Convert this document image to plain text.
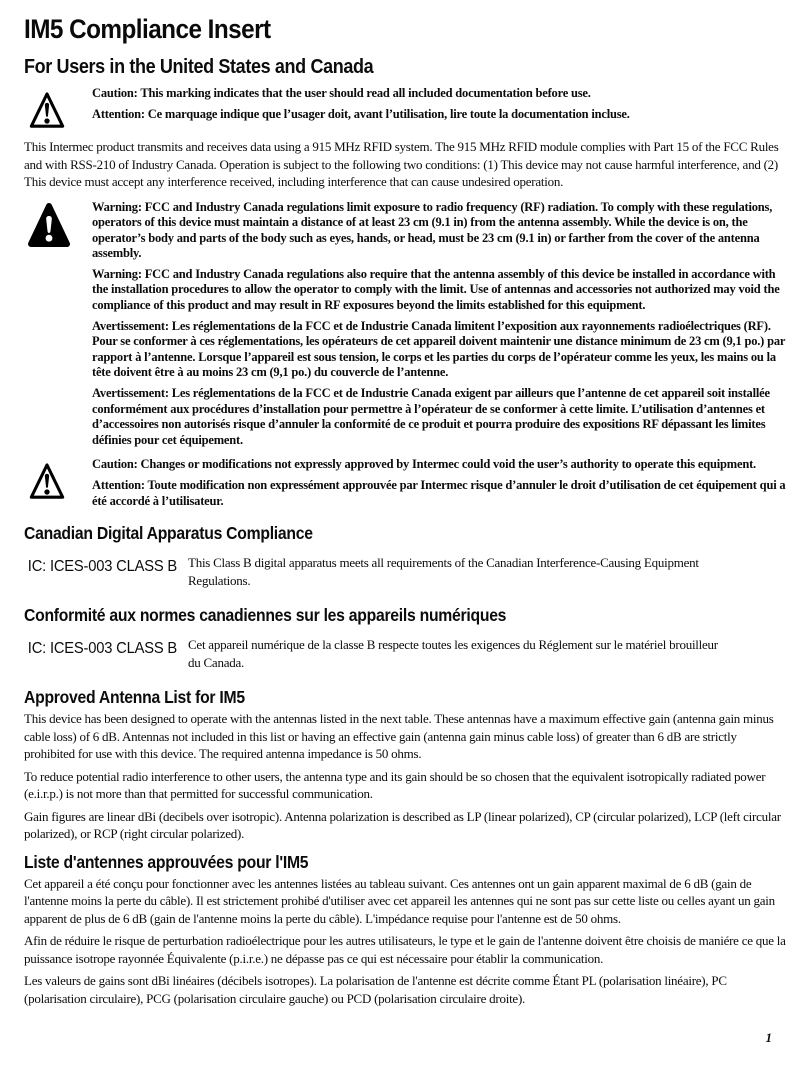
IM5 Compliance Insert
For Users in the United States and Canada

Caution: This marking indicates that the user should read all included documentation before use.

Attention: Ce marquage indique que l’usager doit, avant l’utilisation, lire toute la documentation incluse.

This Intermec product transmits and receives data using a 915 MHz RFID system. The 915 MHz RFID module complies with Part 15 of the FCC Rules and with RSS-210 of Industry Canada. Operation is subject to the following two conditions: (1) This device may not cause harmful interference, and (2) This device must accept any interference received, including interference that can cause undesired operation.

Warning: FCC and Industry Canada regulations limit exposure to radio frequency (RF) radiation. To comply with these regulations, operators of this device must maintain a distance of at least 23 cm (9.1 in) from the antenna assembly. While the device is on, the operator’s body and parts of the body such as eyes, hands, or head, must be 23 cm (9.1 in) or farther from the cover of the antenna assembly.

Warning: FCC and Industry Canada regulations also require that the antenna assembly of this device be installed in accordance with the installation procedures to allow the operator to comply with the limit. Use of antennas and accessories not authorized may void the compliance of this product and may result in RF exposures beyond the limits established for this equipment.

Avertissement: Les réglementations de la FCC et de Industrie Canada limitent l’exposition aux rayonnements radioélectriques (RF). Pour se conformer à ces réglementations, les opérateurs de cet appareil doivent maintenir une distance minimum de 23 cm (9,1 po.) par rapport à l’antenne. Lorsque l’appareil est sous tension, le corps et les parties du corps de l’opérateur comme les yeux, les mains ou la tête doivent être à au moins 23 cm (9,1 po.) du couvercle de l’antenne.

Avertissement: Les réglementations de la FCC et de Industrie Canada exigent par ailleurs que l’antenne de cet appareil soit installée conformément aux procédures d’installation pour permettre à l’opérateur de se conformer à cette limite. L’utilisation d’antennes et d’accessoires non autorisés risque d’annuler la conformité de ce produit et pourra produire des expositions RF dépassant les limites définies pour cet équipement.

Caution: Changes or modifications not expressly approved by Intermec could void the user’s authority to operate this equipment.

Attention: Toute modification non expressément approuvée par Intermec risque d’annuler le droit d’utilisation de cet équipement qui a été accordé à l’utilisateur.

Canadian Digital Apparatus Compliance
IC: ICES-003 CLASS B This Class B digital apparatus meets all requirements of the Canadian Interference-Causing Equipment Regulations.

Conformité aux normes canadiennes sur les appareils numériques
IC: ICES-003 CLASS B Cet appareil numérique de la classe B respecte toutes les exigences du Réglement sur le matériel brouilleur du Canada.

Approved Antenna List for IM5

This device has been designed to operate with the antennas listed in the next table. These antennas have a maximum effective gain (antenna gain minus cable loss) of 6 dB. Antennas not included in this list or having an effective gain (antenna gain minus cable loss) of greater than 6 dB are strictly prohibited for use with this device. The required antenna impedance is 50 ohms.

To reduce potential radio interference to other users, the antenna type and its gain should be so chosen that the equivalent isotropically radiated power (e.i.r.p.) is not more than that permitted for successful communication.

Gain figures are linear dBi (decibels over isotropic). Antenna polarization is described as LP (linear polarized), CP (circular polarized), LCP (left circular polarized), or RCP (right circular polarized).

Liste d'antennes approuvées pour l'IM5

Cet appareil a été conçu pour fonctionner avec les antennes listées au tableau suivant. Ces antennes ont un gain apparent maximal de 6 dB (gain de l'antenne moins la perte du câble). Il est strictement prohibé d'utiliser avec cet appareil les antennes qui ne sont pas sur cette liste ou celles ayant un gain apparent de plus de 6 dB (gain de l'antenne moins la perte du câble). L'impédance requise pour l'antenne est de 50 ohms.

Afin de réduire le risque de perturbation radioélectrique pour les autres utilisateurs, le type et le gain de l'antenne doivent être choisis de maniére ce que la puissance isotrope rayonnée Équivalente (p.i.r.e.) ne dépasse pas ce qui est nécessaire pour établir la communication.

Les valeurs de gains sont dBi linéaires (décibels isotropes). La polarisation de l'antenne est décrite comme Étant PL (polarisation linéaire), PC (polarisation circulaire), PCG (polarisation circulaire gauche) ou PCD (polarisation circulaire droite).

1
